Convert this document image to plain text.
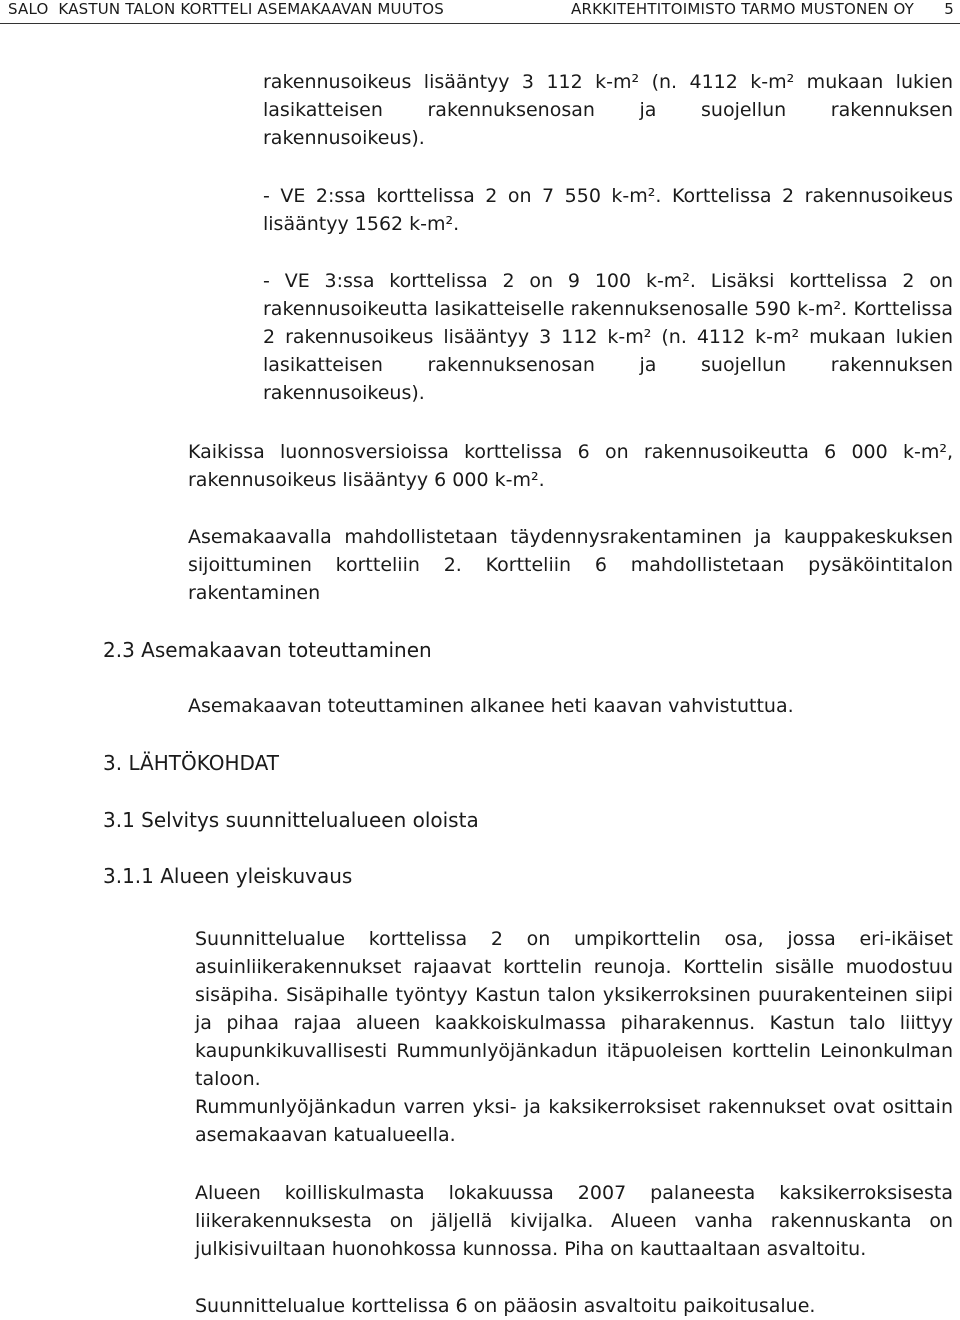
SALO  KASTUN TALON KORTTELI ASEMAKAAVAN MUUTOS	ARKKITEHTITOIMISTO TARMO MUSTONEN OY 5

rakennusoikeus lisääntyy 3 112 k-m² (n. 4112 k-m² mukaan lukien lasikatteisen rakennuksenosan ja suojellun rakennuksen rakennusoikeus).

- VE 2:ssa korttelissa 2 on 7 550 k-m². Korttelissa 2 rakennusoikeus lisääntyy 1562 k-m².

- VE 3:ssa korttelissa 2 on 9 100 k-m². Lisäksi korttelissa 2 on rakennusoikeutta lasikatteiselle rakennuksenosalle 590 k-m². Korttelissa 2 rakennusoikeus lisääntyy 3 112 k-m² (n. 4112 k-m² mukaan lukien lasikatteisen rakennuksenosan ja suojellun rakennuksen rakennusoikeus).

Kaikissa luonnosversioissa korttelissa 6 on rakennusoikeutta 6 000 k-m², rakennusoikeus lisääntyy 6 000 k-m².

Asemakaavalla mahdollistetaan täydennysrakentaminen ja kauppakeskuksen sijoittuminen kortteliin 2. Kortteliin 6 mahdollistetaan pysäköintitalon rakentaminen

2.3 Asemakaavan toteuttaminen

Asemakaavan toteuttaminen alkanee heti kaavan vahvistuttua.

3. LÄHTÖKOHDAT
3.1 Selvitys suunnittelualueen oloista
3.1.1 Alueen yleiskuvaus

Suunnittelualue korttelissa 2 on umpikorttelin osa, jossa eri-ikäiset asuinliikerakennukset rajaavat korttelin reunoja. Korttelin sisälle muodostuu sisäpiha. Sisäpihalle työntyy Kastun talon yksikerroksinen puurakenteinen siipi ja pihaa rajaa alueen kaakkoiskulmassa piharakennus. Kastun talo liittyy kaupunkikuvallisesti Rummunlyöjänkadun itäpuoleisen korttelin Leinonkulman taloon.

Rummunlyöjänkadun varren yksi- ja kaksikerroksiset rakennukset ovat osittain asemakaavan katualueella.

Alueen koilliskulmasta lokakuussa 2007 palaneesta kaksikerroksisesta liikerakennuksesta on jäljellä kivijalka. Alueen vanha rakennuskanta on julkisivuiltaan huonohkossa kunnossa. Piha on kauttaaltaan asvaltoitu.

Suunnittelualue korttelissa 6 on pääosin asvaltoitu paikoitusalue.
